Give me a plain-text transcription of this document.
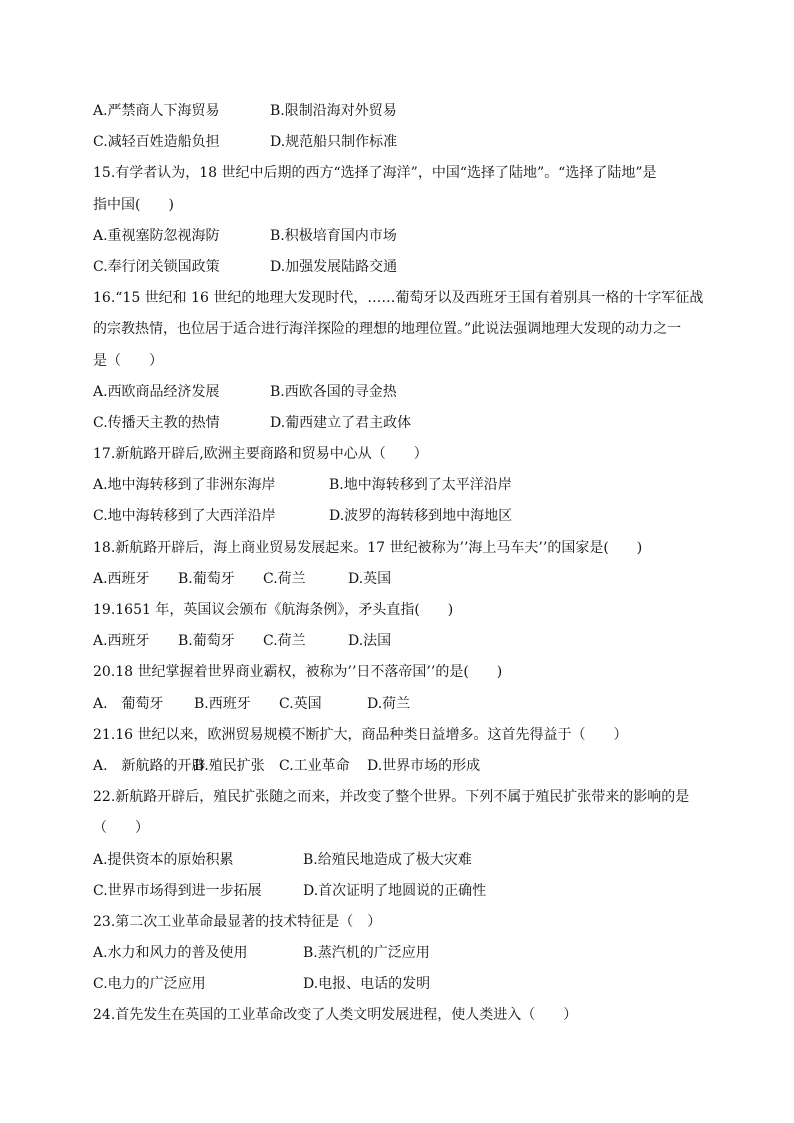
A.严禁商人下海贸易	B.限制沿海对外贸易
C.减轻百姓造船负担	D.规范船只制作标准
15.有学者认为，18 世纪中后期的西方“选择了海洋”，中国“选择了陆地”。“选择了陆地”是
指中国(　　)
A.重视塞防忽视海防	B.积极培育国内市场
C.奉行闭关锁国政策	D.加强发展陆路交通
16.“15 世纪和 16 世纪的地理大发现时代，……葡萄牙以及西班牙王国有着别具一格的十字军征战
的宗教热情，也位居于适合进行海洋探险的理想的地理位置。”此说法强调地理大发现的动力之一
是（　　）
A.西欧商品经济发展	B.西欧各国的寻金热
C.传播天主教的热情	D.葡西建立了君主政体
17.新航路开辟后,欧洲主要商路和贸易中心从（　　）
A.地中海转移到了非洲东海岸	B.地中海转移到了太平洋沿岸
C.地中海转移到了大西洋沿岸	D.波罗的海转移到地中海地区
18.新航路开辟后，海上商业贸易发展起来。17 世纪被称为’’海上马车夫’’的国家是(　　)
A.西班牙 B.葡萄牙 C.荷兰	D.英国
19.1651 年，英国议会颁布《航海条例》，矛头直指(　　)
A.西班牙 B.葡萄牙 C.荷兰	D.法国
20.18 世纪掌握着世界商业霸权，被称为’’日不落帝国’’的是(　　)
A.　葡萄牙 B.西班牙 C.英国	D.荷兰
21.16 世纪以来，欧洲贸易规模不断扩大，商品种类日益增多。这首先得益于（　　）
A.　新航路的开辟B.殖民扩张 C.工业革命 D.世界市场的形成
22.新航路开辟后，殖民扩张随之而来，并改变了整个世界。下列不属于殖民扩张带来的影响的是
（　　）
A.提供资本的原始积累	B.给殖民地造成了极大灾难
C.世界市场得到进一步拓展	D.首次证明了地圆说的正确性
23.第二次工业革命最显著的技术特征是（　）
A.水力和风力的普及使用	B.蒸汽机的广泛应用
C.电力的广泛应用	D.电报、电话的发明
24.首先发生在英国的工业革命改变了人类文明发展进程，使人类进入（　　）
